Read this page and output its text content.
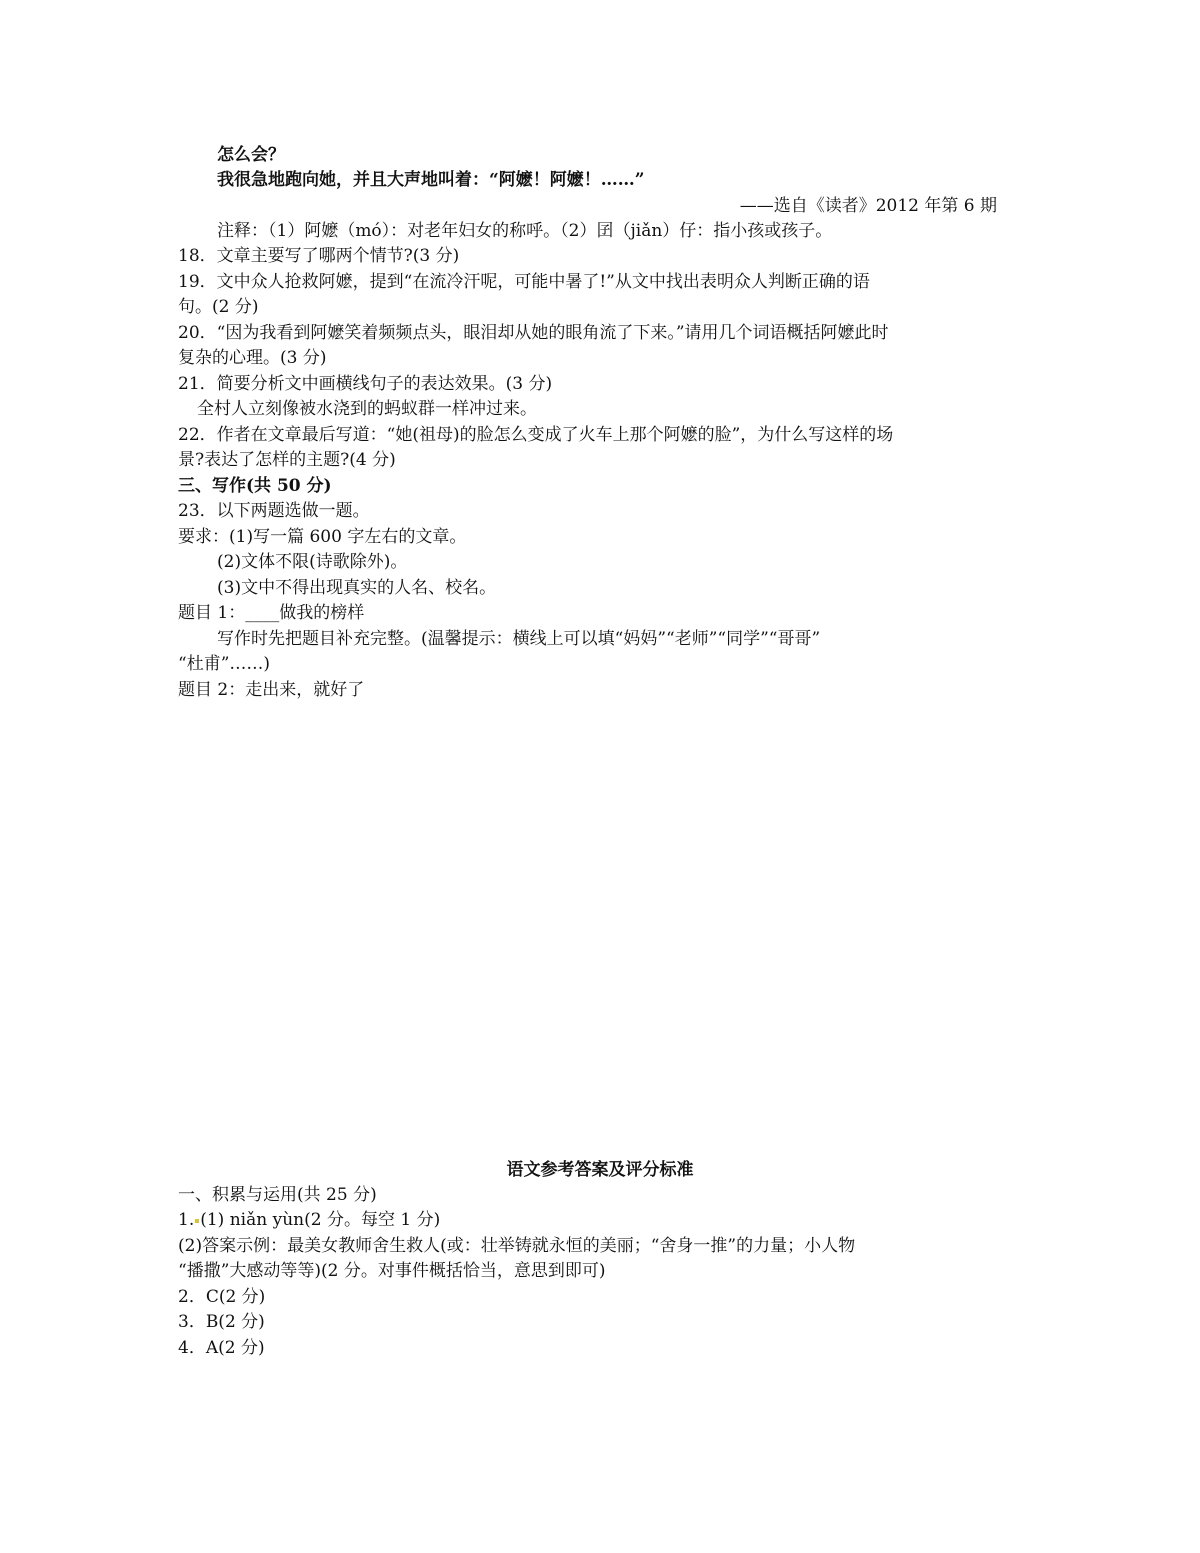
怎么会？
我很急地跑向她，并且大声地叫着：“阿嬷！阿嬷！……”
——选自《读者》2012 年第 6 期
注释：（1）阿嬷（mó）：对老年妇女的称呼。（2）囝（jiǎn）仔：指小孩或孩子。
18．文章主要写了哪两个情节?(3 分)
19．文中众人抢救阿嬷，提到“在流冷汗呢，可能中暑了!”从文中找出表明众人判断正确的语
句。(2 分)
20．“因为我看到阿嬷笑着频频点头，眼泪却从她的眼角流了下来。”请用几个词语概括阿嬷此时
复杂的心理。(3 分)
21．简要分析文中画横线句子的表达效果。(3 分)
全村人立刻像被水浇到的蚂蚁群一样冲过来。
22．作者在文章最后写道：“她(祖母)的脸怎么变成了火车上那个阿嬷的脸”，为什么写这样的场
景?表达了怎样的主题?(4 分)
三、写作(共 50 分)
23．以下两题选做一题。
要求：(1)写一篇 600 字左右的文章。
(2)文体不限(诗歌除外)。
(3)文中不得出现真实的人名、校名。
题目 1：____做我的榜样
写作时先把题目补充完整。(温馨提示：横线上可以填“妈妈”“老师”“同学”“哥哥”
“杜甫”……)
题目 2：走出来，就好了
语文参考答案及评分标准
一、积累与运用(共 25 分)
1. (1) niǎn yùn(2 分。每空 1 分)
(2)答案示例：最美女教师舍生救人(或：壮举铸就永恒的美丽；“舍身一推”的力量；小人物
“播撒”大感动等等)(2 分。对事件概括恰当，意思到即可)
2．C(2 分)
3．B(2 分)
4．A(2 分)
